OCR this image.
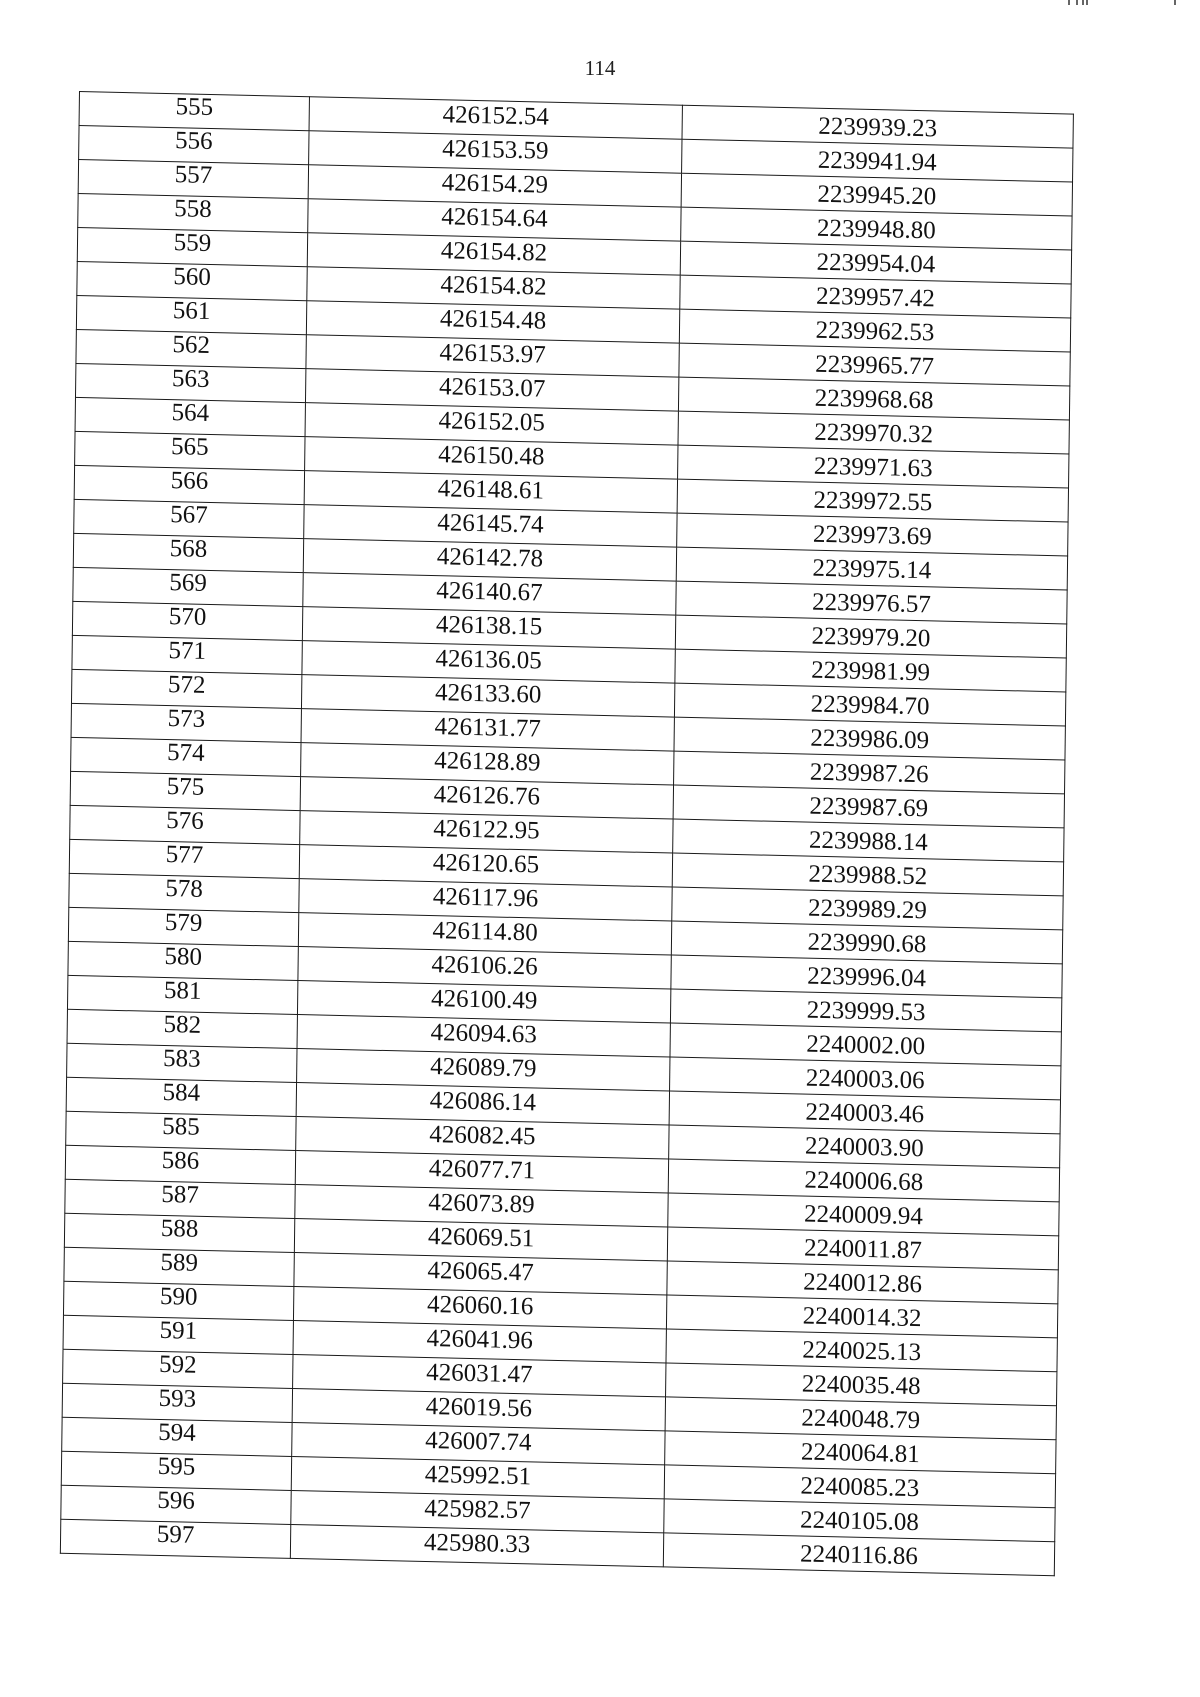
114
555	426152.54	2239939.23
556	426153.59	2239941.94
557	426154.29	2239945.20
558	426154.64	2239948.80
559	426154.82	2239954.04
560	426154.82	2239957.42
561	426154.48	2239962.53
562	426153.97	2239965.77
563	426153.07	2239968.68
564	426152.05	2239970.32
565	426150.48	2239971.63
566	426148.61	2239972.55
567	426145.74	2239973.69
568	426142.78	2239975.14
569	426140.67	2239976.57
570	426138.15	2239979.20
571	426136.05	2239981.99
572	426133.60	2239984.70
573	426131.77	2239986.09
574	426128.89	2239987.26
575	426126.76	2239987.69
576	426122.95	2239988.14
577	426120.65	2239988.52
578	426117.96	2239989.29
579	426114.80	2239990.68
580	426106.26	2239996.04
581	426100.49	2239999.53
582	426094.63	2240002.00
583	426089.79	2240003.06
584	426086.14	2240003.46
585	426082.45	2240003.90
586	426077.71	2240006.68
587	426073.89	2240009.94
588	426069.51	2240011.87
589	426065.47	2240012.86
590	426060.16	2240014.32
591	426041.96	2240025.13
592	426031.47	2240035.48
593	426019.56	2240048.79
594	426007.74	2240064.81
595	425992.51	2240085.23
596	425982.57	2240105.08
597	425980.33	2240116.86
